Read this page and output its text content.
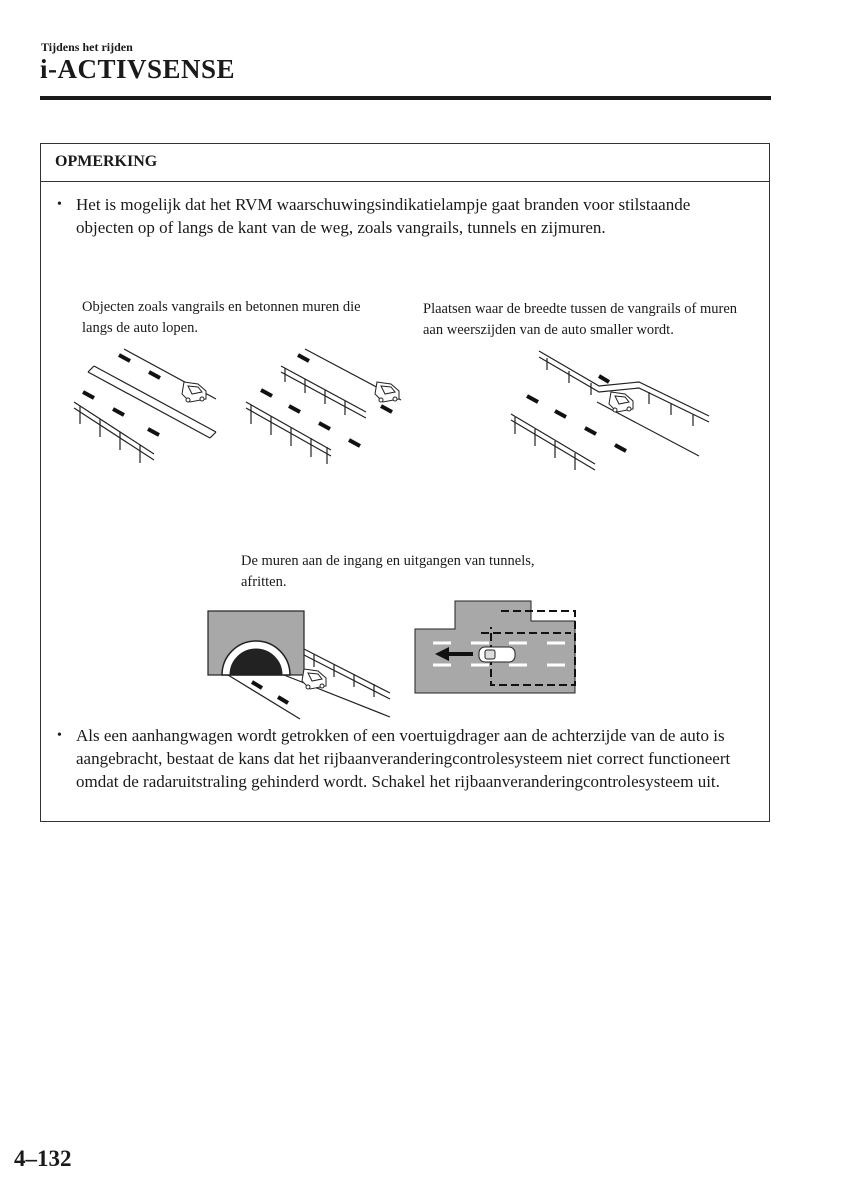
Tijdens het rijden
i-ACTIVSENSE
OPMERKING
• Het is mogelijk dat het RVM waarschuwingsindikatielampje gaat branden voor stilstaande objecten op of langs de kant van de weg, zoals vangrails, tunnels en zijmuren.
Objecten zoals vangrails en betonnen muren die langs de auto lopen.
Plaatsen waar de breedte tussen de vangrails of muren aan weerszijden van de auto smaller wordt.
De muren aan de ingang en uitgangen van tunnels, afritten.
• Als een aanhangwagen wordt getrokken of een voertuigdrager aan de achterzijde van de auto is aangebracht, bestaat de kans dat het rijbaanveranderingcontrolesysteem niet correct functioneert omdat de radaruitstraling gehinderd wordt. Schakel het rijbaanveranderingcontrolesysteem uit.
4–132
